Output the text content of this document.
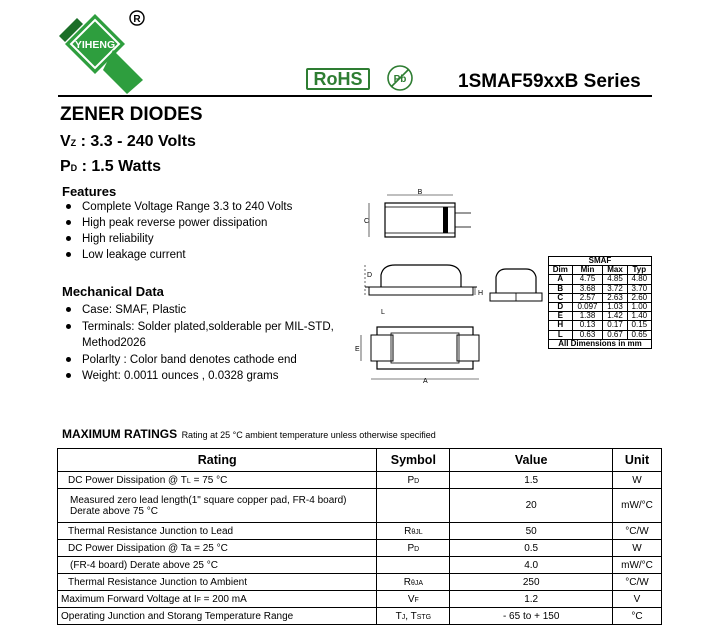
YIHENG
R
RoHS	Pb	1SMAF59xxB Series
ZENER DIODES
VZ : 3.3 - 240 Volts
PD : 1.5 Watts
Features
Complete Voltage Range 3.3 to 240 Volts
High peak reverse power dissipation
High reliability
Low leakage current
Mechanical Data
Case: SMAF, Plastic
Terminals: Solder plated,solderable per MIL-STD,
Method2026
Polarlty : Color band denotes cathode end
Weight: 0.0011 ounces , 0.0328 grams
B
C
D
H
L
E
A
SMAF			
Dim	Min	Max	Typ
A	4.75	4.85	4.80
B	3.68	3.72	3.70
C	2.57	2.63	2.60
D	0.097	1.03	1.00
E	1.38	1.42	1.40
H	0.13	0.17	0.15
L	0.63	0.67	0.65
All Dimensions in mm			
MAXIMUM RATINGS Rating at 25 °C ambient temperature unless otherwise specified
Rating	Symbol	Value	Unit
DC Power Dissipation @ TL = 75 °C	PD	1.5	W
Measured zero lead length(1" square copper pad, FR-4 board)
Derate above 75 °C		20	mW/°C
Thermal Resistance Junction to Lead	RθJL	50	°C/W
DC Power Dissipation @ Ta = 25 °C	PD	0.5	W
(FR-4 board) Derate above 25 °C		4.0	mW/°C
Thermal Resistance Junction to Ambient	RθJA	250	°C/W
Maximum Forward Voltage at IF = 200 mA	VF	1.2	V
Operating Junction and Storang Temperature Range	TJ, TSTG	- 65 to + 150	°C
